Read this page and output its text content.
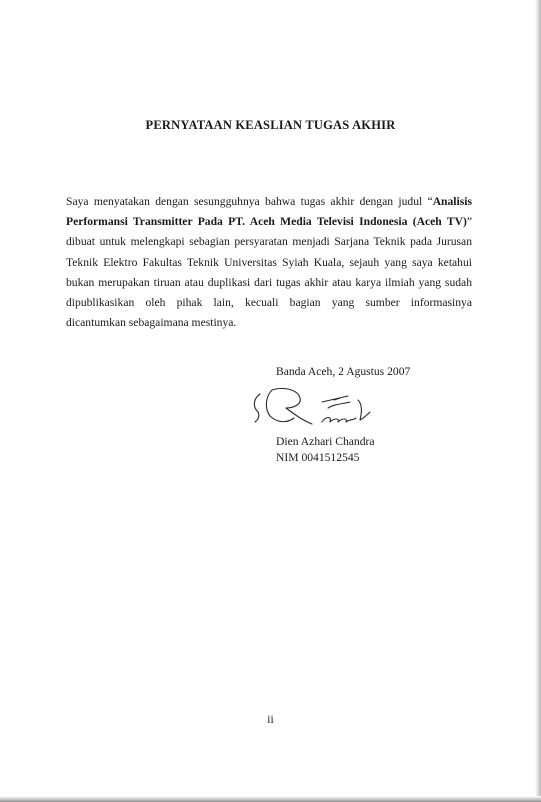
PERNYATAAN KEASLIAN TUGAS AKHIR
Saya menyatakan dengan sesungguhnya bahwa tugas akhir dengan judul “Analisis
Performansi Transmitter Pada PT. Aceh Media Televisi Indonesia (Aceh TV)”
dibuat untuk melengkapi sebagian persyaratan menjadi Sarjana Teknik pada Jurusan
Teknik Elektro Fakultas Teknik Universitas Syiah Kuala, sejauh yang saya ketahui
bukan merupakan tiruan atau duplikasi dari tugas akhir atau karya ilmiah yang sudah
dipublikasikan oleh pihak lain, kecuali bagian yang sumber informasinya
dicantumkan sebagaimana mestinya.
Banda Aceh, 2 Agustus 2007
Dien Azhari Chandra
NIM 0041512545
ii
